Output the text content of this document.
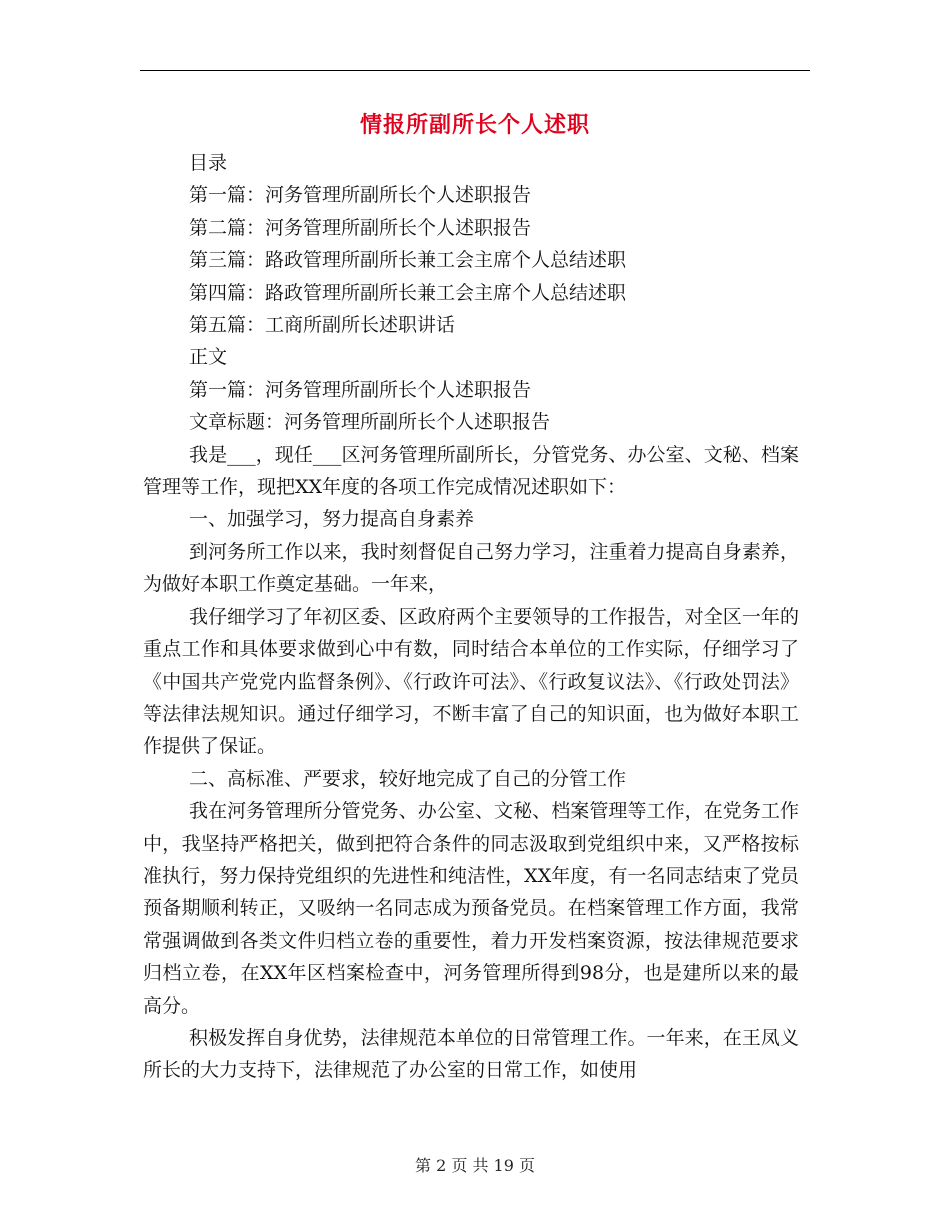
情报所副所长个人述职

目录

第一篇：河务管理所副所长个人述职报告

第二篇：河务管理所副所长个人述职报告

第三篇：路政管理所副所长兼工会主席个人总结述职

第四篇：路政管理所副所长兼工会主席个人总结述职

第五篇：工商所副所长述职讲话

正文

第一篇：河务管理所副所长个人述职报告

文章标题：河务管理所副所长个人述职报告

我是___，现任___区河务管理所副所长，分管党务、办公室、文秘、档案管理等工作，现把XX年度的各项工作完成情况述职如下：

一、加强学习，努力提高自身素养

到河务所工作以来，我时刻督促自己努力学习，注重着力提高自身素养，为做好本职工作奠定基础。一年来，

我仔细学习了年初区委、区政府两个主要领导的工作报告，对全区一年的重点工作和具体要求做到心中有数，同时结合本单位的工作实际，仔细学习了《中国共产党党内监督条例》、《行政许可法》、《行政复议法》、《行政处罚法》等法律法规知识。通过仔细学习，不断丰富了自己的知识面，也为做好本职工作提供了保证。

二、高标准、严要求，较好地完成了自己的分管工作

我在河务管理所分管党务、办公室、文秘、档案管理等工作，在党务工作中，我坚持严格把关，做到把符合条件的同志汲取到党组织中来，又严格按标准执行，努力保持党组织的先进性和纯洁性，XX年度，有一名同志结束了党员预备期顺利转正，又吸纳一名同志成为预备党员。在档案管理工作方面，我常常强调做到各类文件归档立卷的重要性，着力开发档案资源，按法律规范要求归档立卷，在XX年区档案检查中，河务管理所得到98分，也是建所以来的最高分。

积极发挥自身优势，法律规范本单位的日常管理工作。一年来，在王凤义所长的大力支持下，法律规范了办公室的日常工作，如使用

第 2 页 共 19 页
